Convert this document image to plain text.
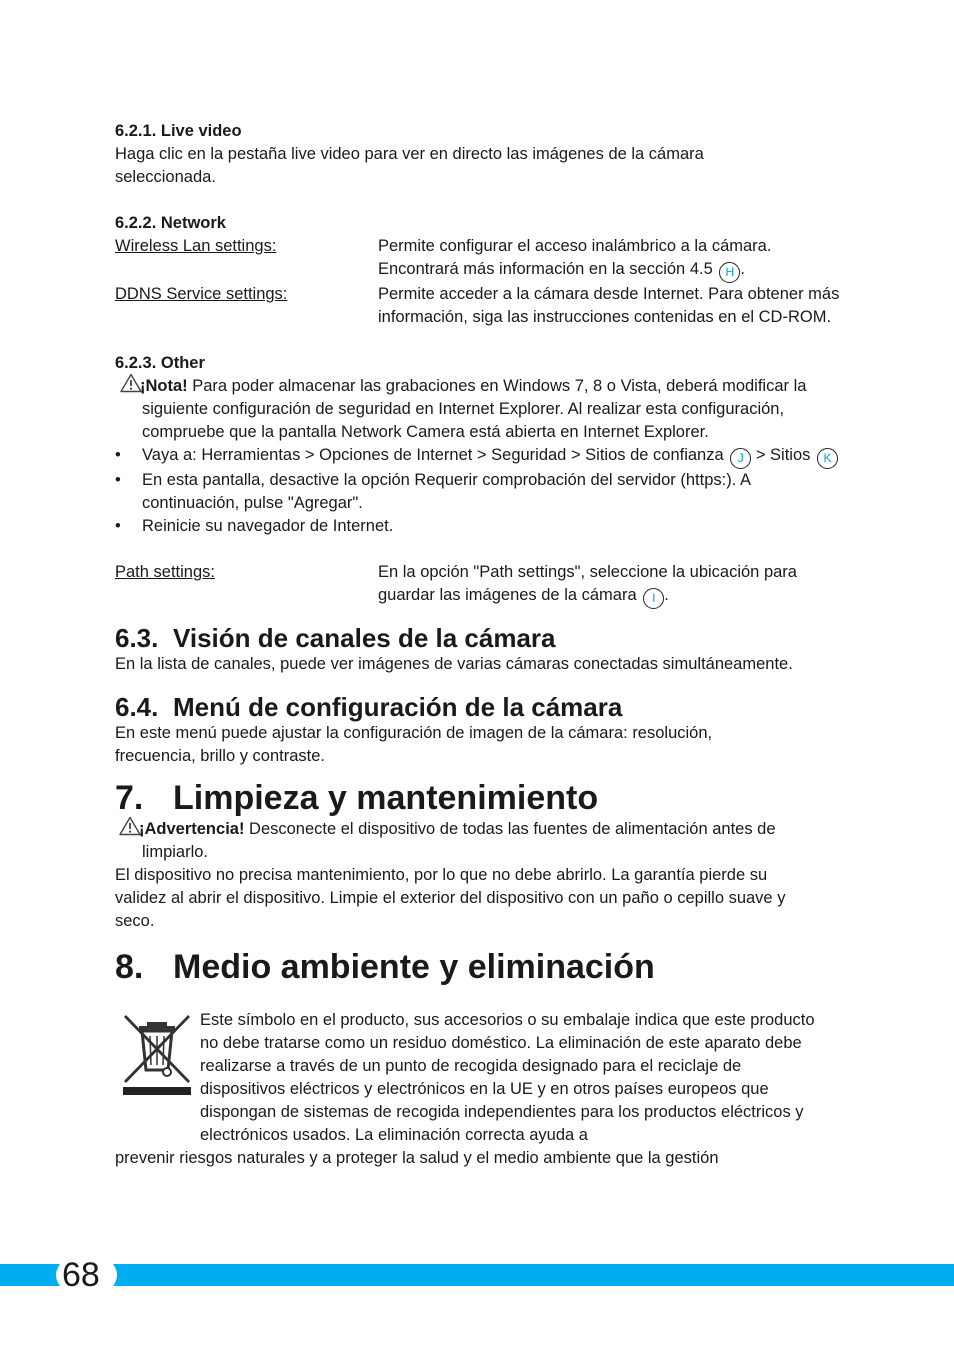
6.2.1. Live video

Haga clic en la pestaña live video para ver en directo las imágenes de la cámara seleccionada.

6.2.2. Network

Wireless Lan settings:	Permite configurar el acceso inalámbrico a la cámara. Encontrará más información en la sección 4.5 H .
DDNS Service settings:	Permite acceder a la cámara desde Internet. Para obtener más información, siga las instrucciones contenidas en el CD-ROM.

6.2.3. Other

¡Nota! Para poder almacenar las grabaciones en Windows 7, 8 o Vista, deberá modificar la siguiente configuración de seguridad en Internet Explorer. Al realizar esta configuración, compruebe que la pantalla Network Camera está abierta en Internet Explorer.

• Vaya a: Herramientas > Opciones de Internet > Seguridad > Sitios de confianza J > Sitios K

• En esta pantalla, desactive la opción Requerir comprobación del servidor (https:). A continuación, pulse "Agregar".

• Reinicie su navegador de Internet.

Path settings:	En la opción "Path settings", seleccione la ubicación para guardar las imágenes de la cámara I .
6.3. Visión de canales de la cámara

En la lista de canales, puede ver imágenes de varias cámaras conectadas simultáneamente.

6.4. Menú de configuración de la cámara

En este menú puede ajustar la configuración de imagen de la cámara: resolución, frecuencia, brillo y contraste.

7. Limpieza y mantenimiento

¡Advertencia! Desconecte el dispositivo de todas las fuentes de alimentación antes de limpiarlo.

El dispositivo no precisa mantenimiento, por lo que no debe abrirlo. La garantía pierde su validez al abrir el dispositivo. Limpie el exterior del dispositivo con un paño o cepillo suave y seco.

8. Medio ambiente y eliminación

Este símbolo en el producto, sus accesorios o su embalaje indica que este producto no debe tratarse como un residuo doméstico. La eliminación de este aparato debe realizarse a través de un punto de recogida designado para el reciclaje de dispositivos eléctricos y electrónicos en la UE y en otros países europeos que dispongan de sistemas de recogida independientes para los productos eléctricos y electrónicos usados. La eliminación correcta ayuda a

prevenir riesgos naturales y a proteger la salud y el medio ambiente que la gestión

68
